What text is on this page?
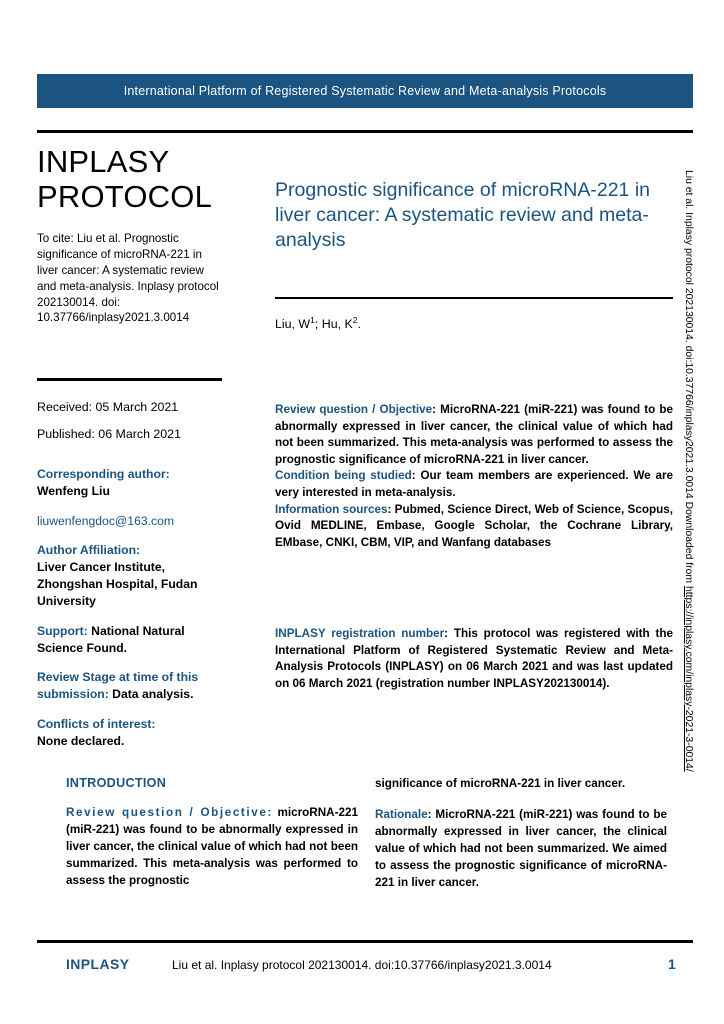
International Platform of Registered Systematic Review and Meta-analysis Protocols
INPLASY
PROTOCOL
To cite: Liu et al. Prognostic significance of microRNA-221 in liver cancer: A systematic review and meta-analysis. Inplasy protocol 202130014. doi: 10.37766/inplasy2021.3.0014
Received: 05 March 2021
Published: 06 March 2021
Corresponding author:
Wenfeng Liu
liuwenfengdoc@163.com
Author Affiliation:
Liver Cancer Institute, Zhongshan Hospital, Fudan University
Support: National Natural Science Found.
Review Stage at time of this submission: Data analysis.
Conflicts of interest:
None declared.
Prognostic significance of microRNA-221 in liver cancer: A systematic review and meta-analysis
Liu, $W^1$; Hu, $K^2$.

Review question / Objective: MicroRNA-221 (miR-221) was found to be abnormally expressed in liver cancer, the clinical value of which had not been summarized. This meta-analysis was performed to assess the prognostic significance of microRNA-221 in liver cancer.

Condition being studied: Our team members are experienced. We are very interested in meta-analysis.

Information sources: Pubmed, Science Direct, Web of Science, Scopus, Ovid MEDLINE, Embase, Google Scholar, the Cochrane Library, EMbase, CNKI, CBM, VIP, and Wanfang databases

INPLASY registration number: This protocol was registered with the International Platform of Registered Systematic Review and Meta-Analysis Protocols (INPLASY) on 06 March 2021 and was last updated on 06 March 2021 (registration number INPLASY202130014).
INTRODUCTION
Review question / Objective: microRNA-221 (miR-221) was found to be abnormally expressed in liver cancer, the clinical value of which had not been summarized. This meta-analysis was performed to assess the prognostic

significance of microRNA-221 in liver cancer.

Rationale: MicroRNA-221 (miR-221) was found to be abnormally expressed in liver cancer, the clinical value of which had not been summarized. We aimed to assess the prognostic significance of microRNA-221 in liver cancer.

INPLASY	Liu et al. Inplasy protocol 202130014. doi:10.37766/inplasy2021.3.0014	1
Liu et al. Inplasy protocol 202130014. doi:10.37766/inplasy2021.3.0014 Downloaded from https://inplasy.com/inplasy-2021-3-0014/
